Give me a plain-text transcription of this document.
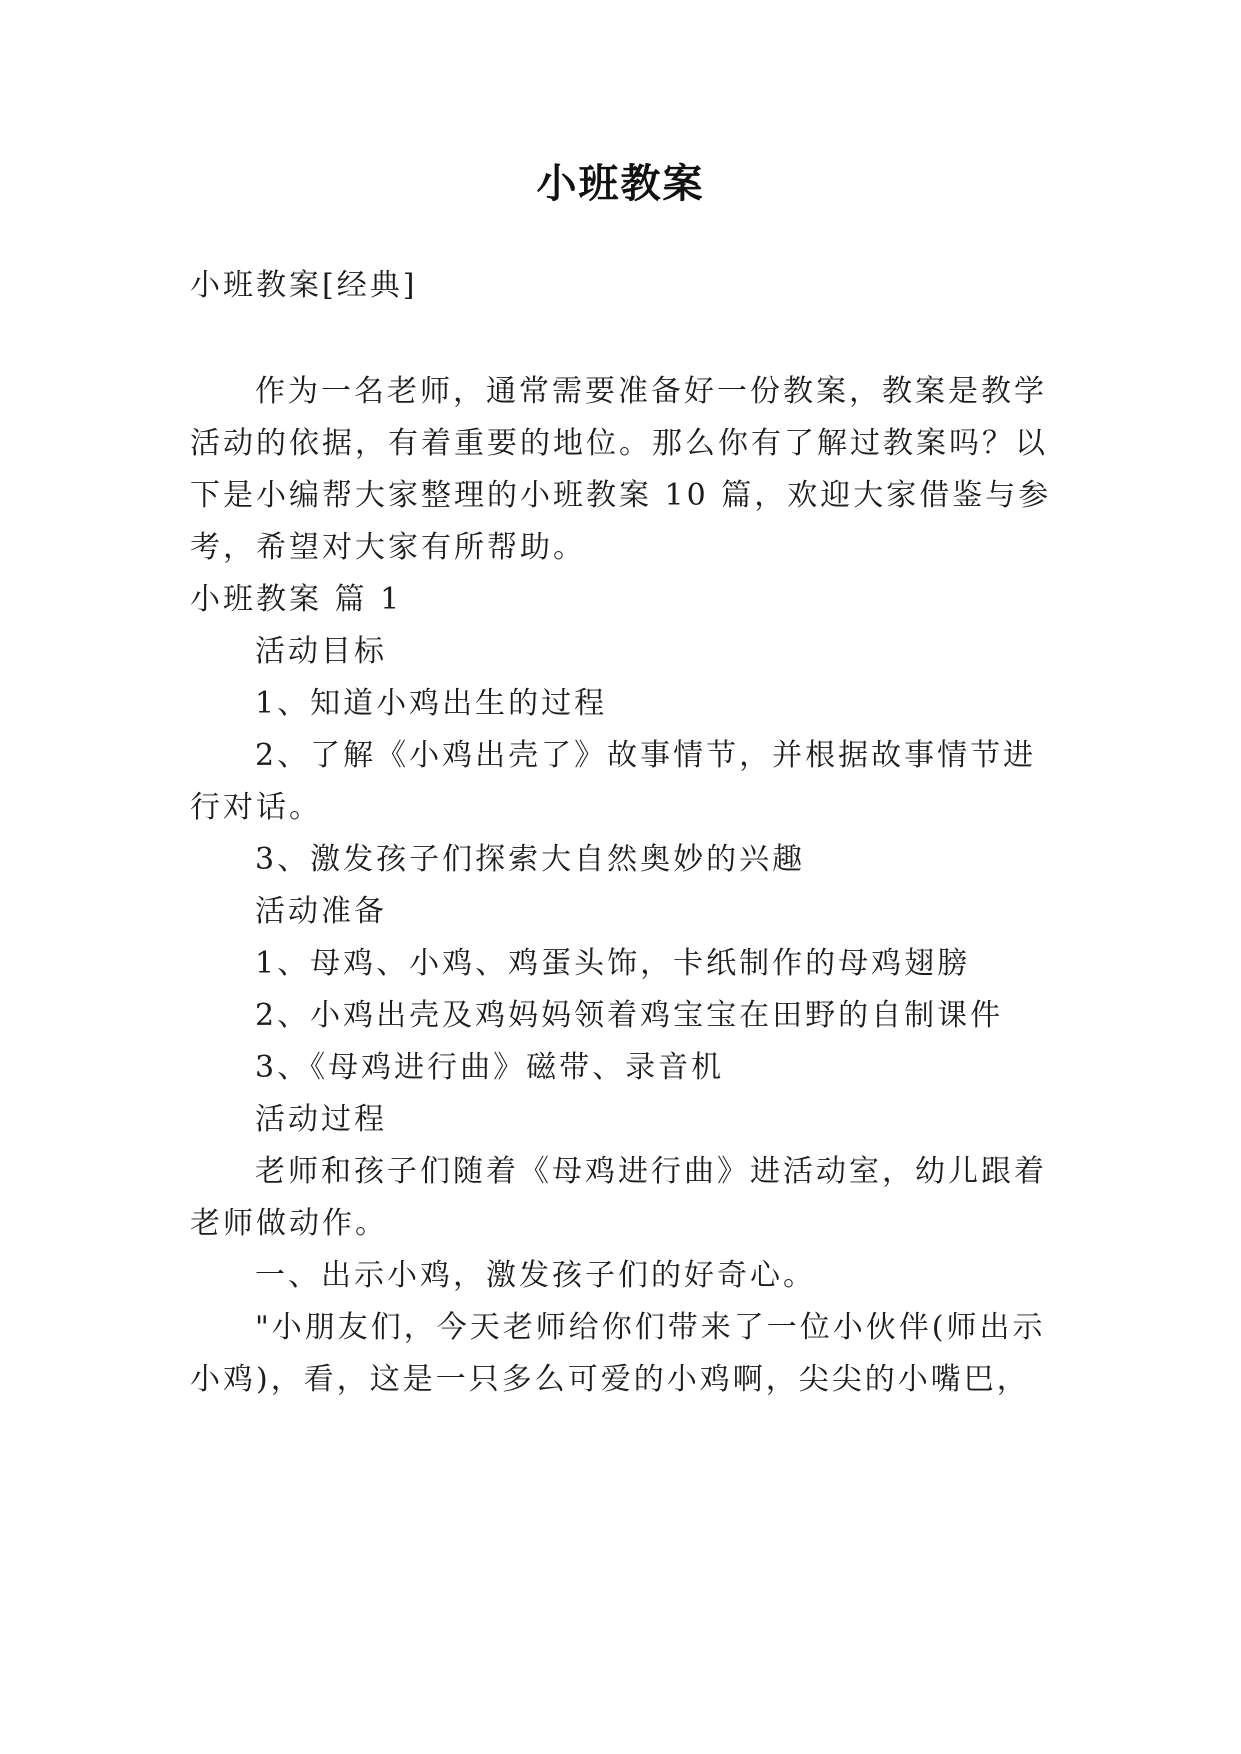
小班教案
小班教案[经典]
作为一名老师，通常需要准备好一份教案，教案是教学
活动的依据，有着重要的地位。那么你有了解过教案吗？以
下是小编帮大家整理的小班教案 10 篇，欢迎大家借鉴与参
考，希望对大家有所帮助。
小班教案 篇 1
活动目标
1、知道小鸡出生的过程
2、了解《小鸡出壳了》故事情节，并根据故事情节进
行对话。
3、激发孩子们探索大自然奥妙的兴趣
活动准备
1、母鸡、小鸡、鸡蛋头饰，卡纸制作的母鸡翅膀
2、小鸡出壳及鸡妈妈领着鸡宝宝在田野的自制课件
3、《母鸡进行曲》磁带、录音机
活动过程
老师和孩子们随着《母鸡进行曲》进活动室，幼儿跟着
老师做动作。
一、出示小鸡，激发孩子们的好奇心。
"小朋友们，今天老师给你们带来了一位小伙伴(师出示
小鸡)，看，这是一只多么可爱的小鸡啊，尖尖的小嘴巴，
